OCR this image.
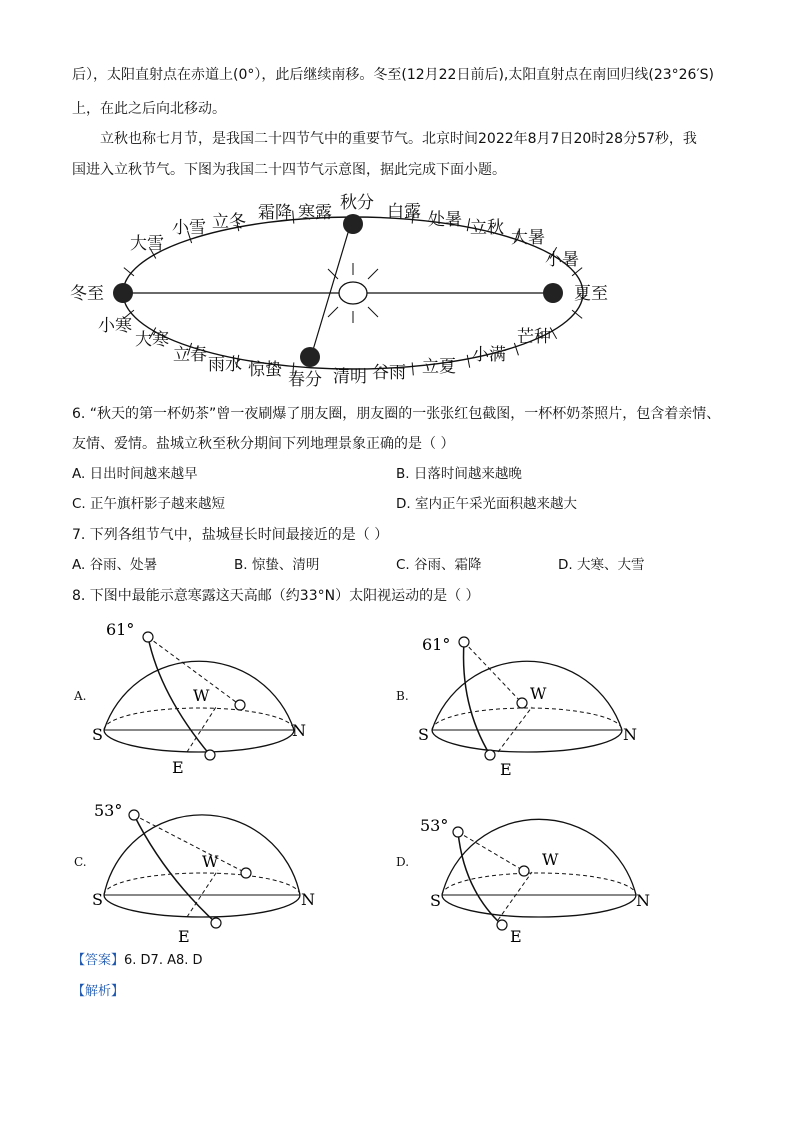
后），太阳直射点在赤道上(0°），此后继续南移。冬至(12月22日前后),太阳直射点在南回归线(23°26′S)
上，在此之后向北移动。
立秋也称七月节，是我国二十四节气中的重要节气。北京时间2022年8月7日20时28分57秒，我
国进入立秋节气。下图为我国二十四节气示意图，据此完成下面小题。
大雪
小雪 立冬 霜降 寒露 秋分 白露 处暑 立秋 大暑
小暑
冬至	夏至
小寒
大寒
立春 雨水 惊蛰 春分 清明 谷雨 立夏
小满
芒种
6. “秋天的第一杯奶茶”曾一夜刷爆了朋友圈，朋友圈的一张张红包截图，一杯杯奶茶照片，包含着亲情、
友情、爱情。盐城立秋至秋分期间下列地理景象正确的是（ ）
A. 日出时间越来越早	B. 日落时间越来越晚
C. 正午旗杆影子越来越短	D. 室内正午采光面积越来越大
7. 下列各组节气中，盐城昼长时间最接近的是（ ）
A. 谷雨、处暑	B. 惊蛰、清明	C. 谷雨、霜降	D. 大寒、大雪
8. 下图中最能示意寒露这天高邮（约33°N）太阳视运动的是（ ）
A.
61°
W
S	N
E
B.
61°
W
S	N
E
C.
53°
W
S	N
E
D.
53°
W
S	N
E
【答案】6. D7. A8. D
【解析】
